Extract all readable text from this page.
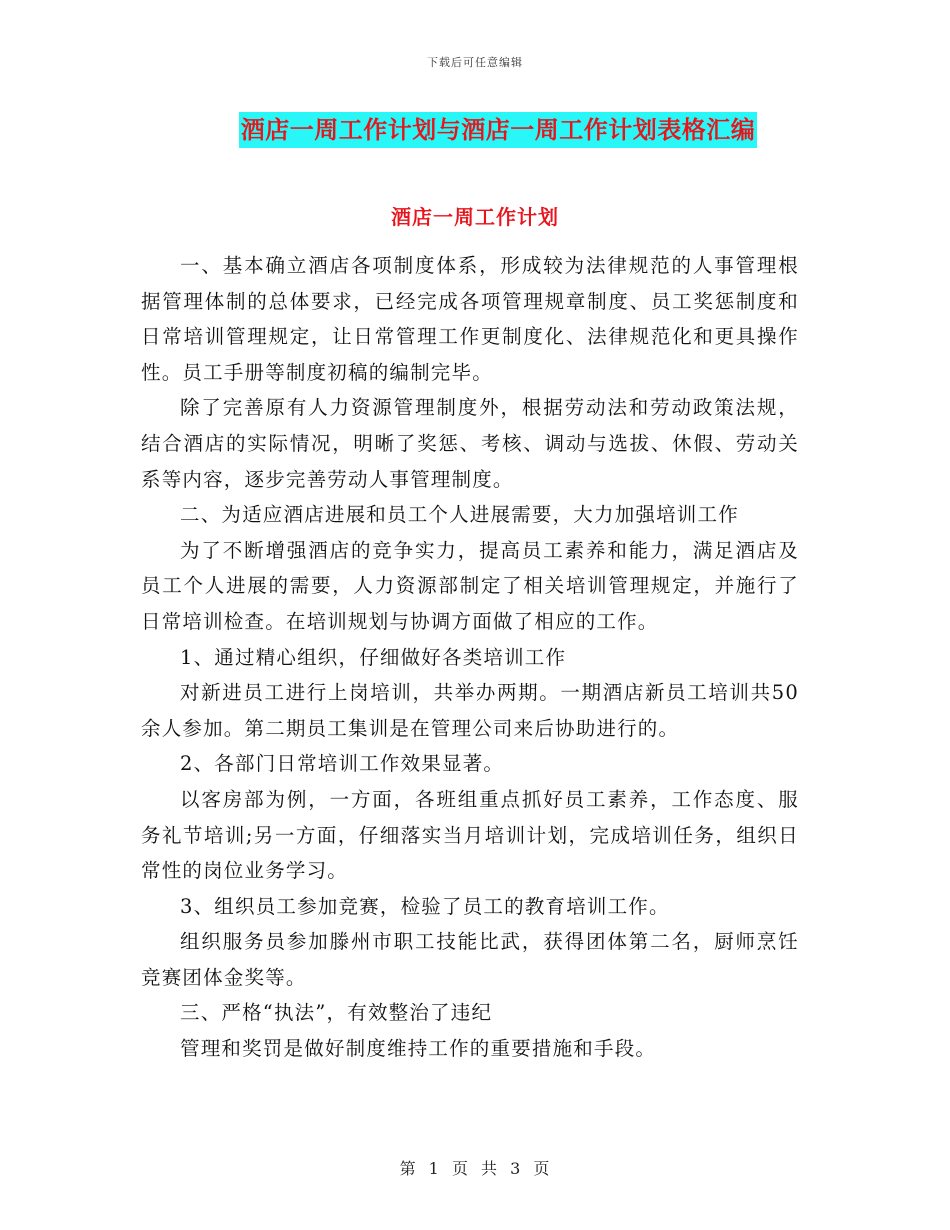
下载后可任意编辑
酒店一周工作计划与酒店一周工作计划表格汇编
酒店一周工作计划

一、基本确立酒店各项制度体系，形成较为法律规范的人事管理根据管理体制的总体要求，已经完成各项管理规章制度、员工奖惩制度和日常培训管理规定，让日常管理工作更制度化、法律规范化和更具操作性。员工手册等制度初稿的编制完毕。

除了完善原有人力资源管理制度外，根据劳动法和劳动政策法规，结合酒店的实际情况，明晰了奖惩、考核、调动与选拔、休假、劳动关系等内容，逐步完善劳动人事管理制度。

二、为适应酒店进展和员工个人进展需要，大力加强培训工作

为了不断增强酒店的竞争实力，提高员工素养和能力，满足酒店及员工个人进展的需要，人力资源部制定了相关培训管理规定，并施行了日常培训检查。在培训规划与协调方面做了相应的工作。

1、通过精心组织，仔细做好各类培训工作

对新进员工进行上岗培训，共举办两期。一期酒店新员工培训共50余人参加。第二期员工集训是在管理公司来后协助进行的。

2、各部门日常培训工作效果显著。

以客房部为例，一方面，各班组重点抓好员工素养，工作态度、服务礼节培训;另一方面，仔细落实当月培训计划，完成培训任务，组织日常性的岗位业务学习。

3、组织员工参加竞赛，检验了员工的教育培训工作。

组织服务员参加滕州市职工技能比武，获得团体第二名，厨师烹饪竞赛团体金奖等。

三、严格“执法”，有效整治了违纪

管理和奖罚是做好制度维持工作的重要措施和手段。

第 1 页 共 3 页
